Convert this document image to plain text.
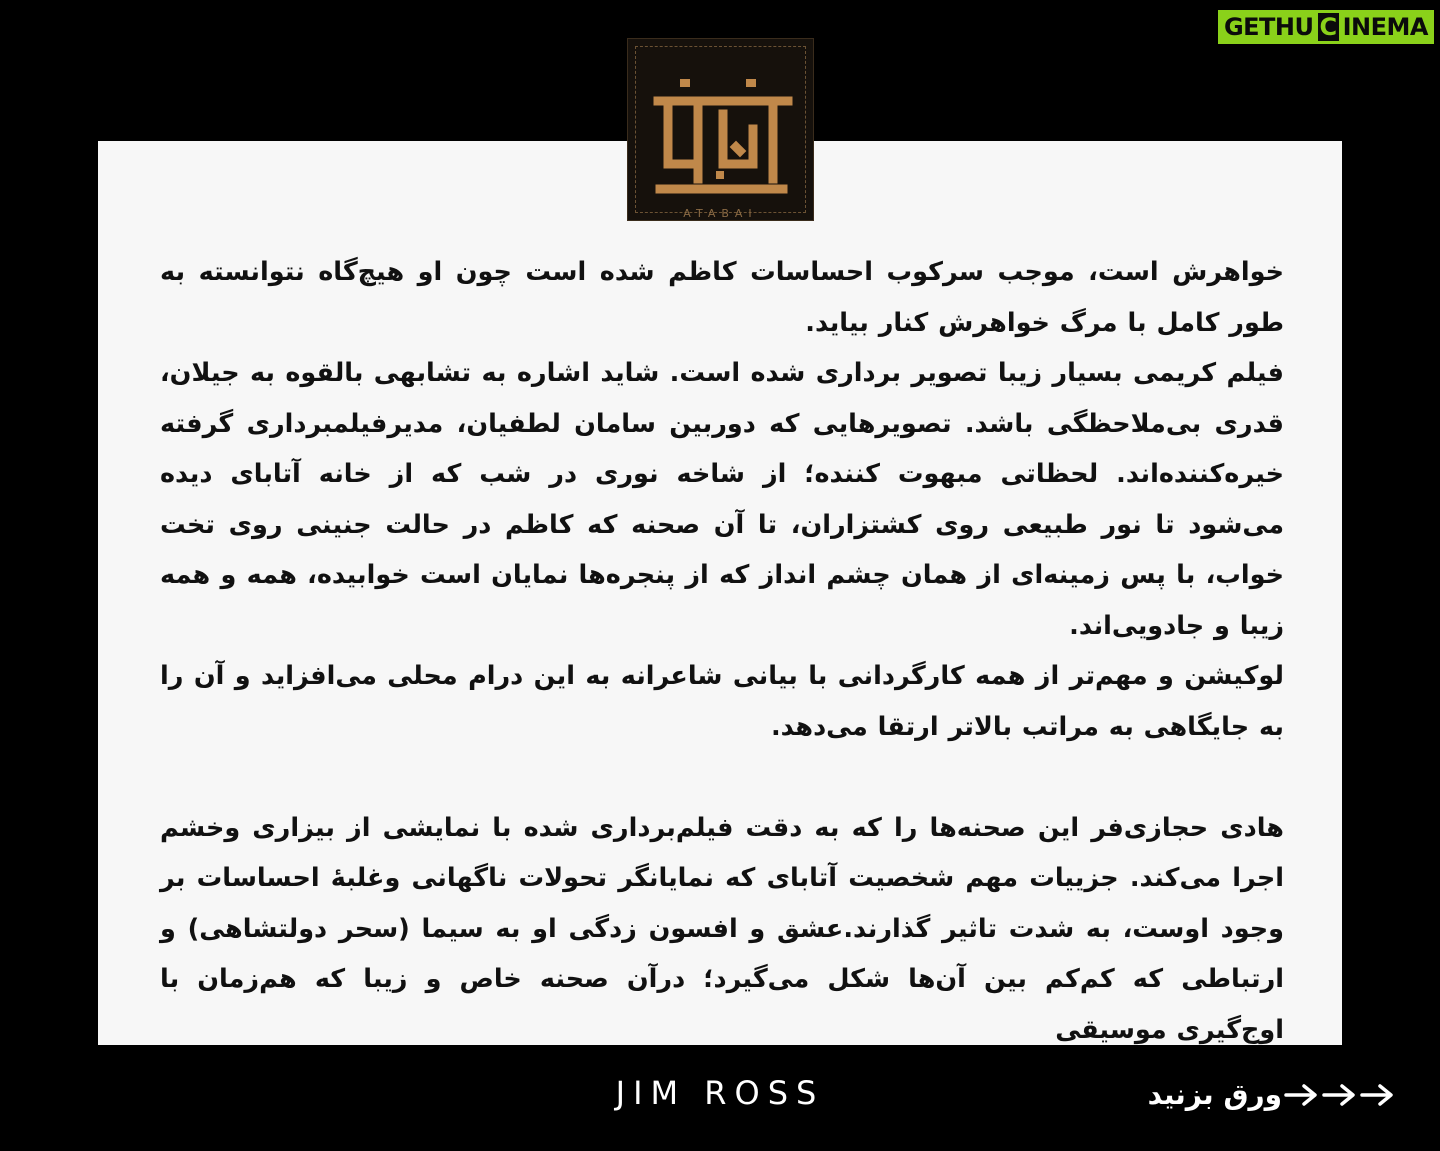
GETHU C INEMA
ATABAI

خواهرش است، موجب سرکوب احساسات کاظم شده است چون او هیچ‌گاه نتوانسته به طور کامل با مرگ خواهرش کنار بیاید.

فیلم کریمی بسیار زیبا تصویر برداری شده است. شاید اشاره به تشابهی بالقوه به جیلان، قدری بی‌ملاحظگی باشد. تصویرهایی که دوربین سامان لطفیان، مدیرفیلمبرداری گرفته خیره‌کننده‌اند. لحظاتی مبهوت کننده؛ از شاخه نوری در شب که از خانه آتابای دیده می‌شود تا نور طبیعی روی کشتزاران، تا آن صحنه که کاظم در حالت جنینی روی تخت خواب، با پس زمینه‌ای از همان چشم انداز که از پنجره‌ها نمایان است خوابیده، همه و همه زیبا و جادویی‌اند.

لوکیشن و مهم‌تر از همه کارگردانی با بیانی شاعرانه به این درام محلی می‌افزاید و آن را به جایگاهی به مراتب بالاتر ارتقا می‌دهد.

هادی حجازی‌فر این صحنه‌ها را که به دقت فیلم‌برداری شده با نمایشی از بیزاری وخشم اجرا می‌کند. جزییات مهم شخصیت آتابای که نمایانگر تحولات ناگهانی وغلبۀ احساسات بر وجود اوست، به شدت تاثیر گذارند.عشق و افسون زدگی او به سیما (سحر دولتشاهی) و ارتباطی که کم‌کم بین آن‌ها شکل می‌گیرد؛ درآن صحنه خاص و زیبا که هم‌زمان با اوج‌گیری موسیقی

JIM ROSS	ورق بزنید
